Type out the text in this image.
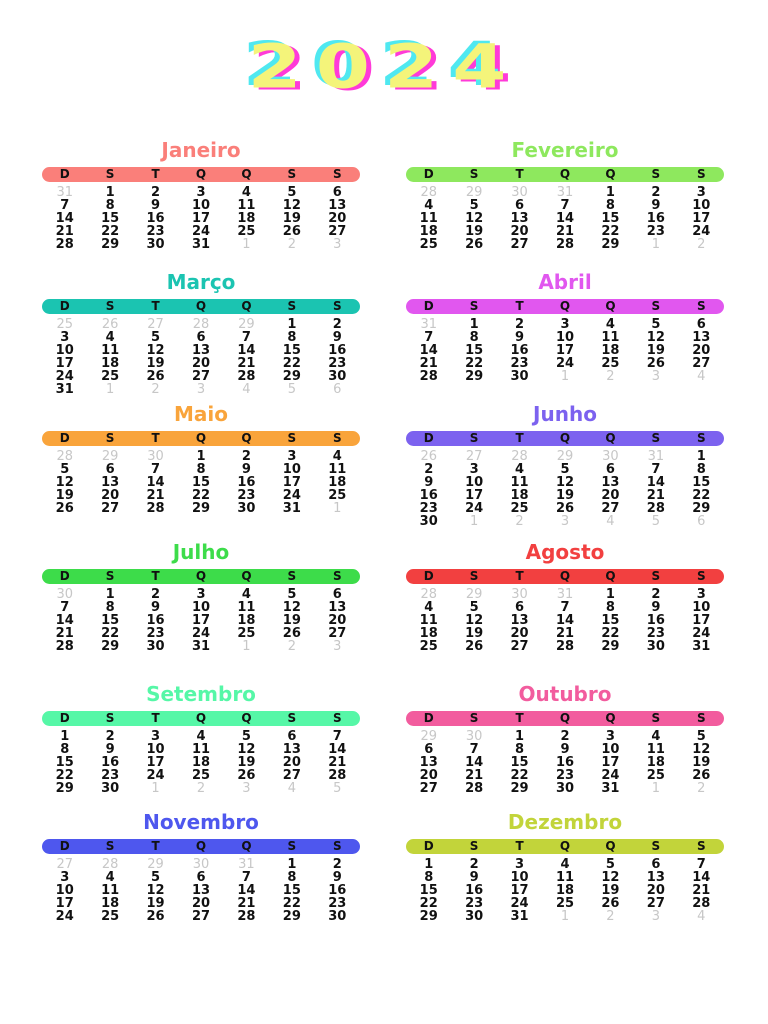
2024
Janeiro
D	S	T	Q	Q	S	S
31	1	2	3	4	5	6
7	8	9	10	11	12	13
14	15	16	17	18	19	20
21	22	23	24	25	26	27
28	29	30	31	1	2	3
Fevereiro
D	S	T	Q	Q	S	S
28	29	30	31	1	2	3
4	5	6	7	8	9	10
11	12	13	14	15	16	17
18	19	20	21	22	23	24
25	26	27	28	29	1	2
Março
D	S	T	Q	Q	S	S
25	26	27	28	29	1	2
3	4	5	6	7	8	9
10	11	12	13	14	15	16
17	18	19	20	21	22	23
24	25	26	27	28	29	30
31	1	2	3	4	5	6
Abril
D	S	T	Q	Q	S	S
31	1	2	3	4	5	6
7	8	9	10	11	12	13
14	15	16	17	18	19	20
21	22	23	24	25	26	27
28	29	30	1	2	3	4
Maio
D	S	T	Q	Q	S	S
28	29	30	1	2	3	4
5	6	7	8	9	10	11
12	13	14	15	16	17	18
19	20	21	22	23	24	25
26	27	28	29	30	31	1
Junho
D	S	T	Q	Q	S	S
26	27	28	29	30	31	1
2	3	4	5	6	7	8
9	10	11	12	13	14	15
16	17	18	19	20	21	22
23	24	25	26	27	28	29
30	1	2	3	4	5	6
Julho
D	S	T	Q	Q	S	S
30	1	2	3	4	5	6
7	8	9	10	11	12	13
14	15	16	17	18	19	20
21	22	23	24	25	26	27
28	29	30	31	1	2	3
Agosto
D	S	T	Q	Q	S	S
28	29	30	31	1	2	3
4	5	6	7	8	9	10
11	12	13	14	15	16	17
18	19	20	21	22	23	24
25	26	27	28	29	30	31
Setembro
D	S	T	Q	Q	S	S
1	2	3	4	5	6	7
8	9	10	11	12	13	14
15	16	17	18	19	20	21
22	23	24	25	26	27	28
29	30	1	2	3	4	5
Outubro
D	S	T	Q	Q	S	S
29	30	1	2	3	4	5
6	7	8	9	10	11	12
13	14	15	16	17	18	19
20	21	22	23	24	25	26
27	28	29	30	31	1	2
Novembro
D	S	T	Q	Q	S	S
27	28	29	30	31	1	2
3	4	5	6	7	8	9
10	11	12	13	14	15	16
17	18	19	20	21	22	23
24	25	26	27	28	29	30
Dezembro
D	S	T	Q	Q	S	S
1	2	3	4	5	6	7
8	9	10	11	12	13	14
15	16	17	18	19	20	21
22	23	24	25	26	27	28
29	30	31	1	2	3	4
